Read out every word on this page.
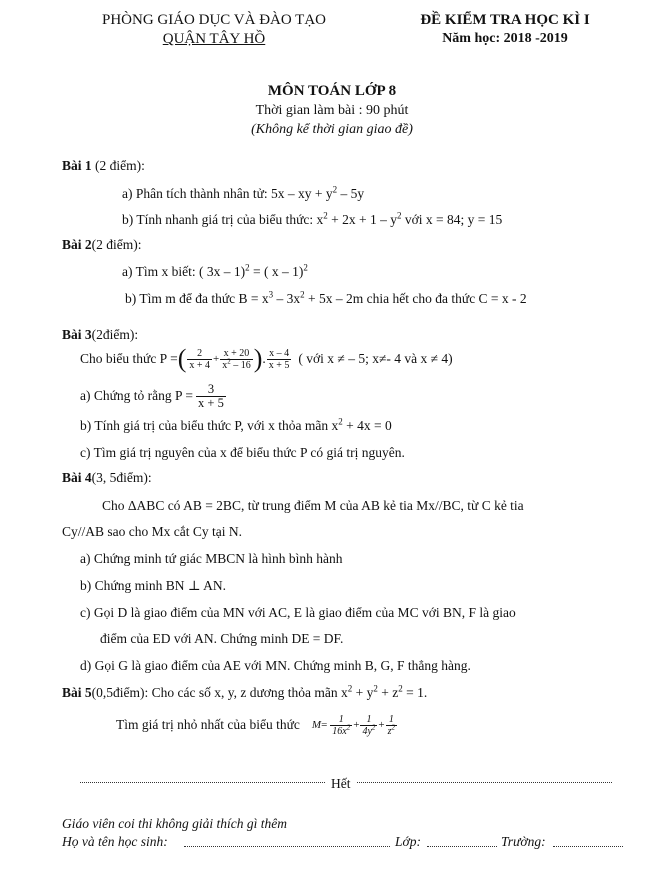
PHÒNG GIÁO DỤC VÀ ĐÀO TẠO
QUẬN TÂY HỒ
ĐỀ KIỂM TRA HỌC KÌ I
Năm học: 2018 -2019
MÔN TOÁN LỚP 8
Thời gian làm bài : 90 phút
(Không kể thời gian giao đề)
Bài 1 (2 điểm):
a) Phân tích thành nhân tử: 5x – xy + $y^2 - 5y$
b) Tính nhanh giá trị của biểu thức: $x^2 + 2x + 1 - y^2$ với x = 84; y = 15
Bài 2(2 điểm):
a) Tìm x biết: ( 3x – 1)$^2$ = ( x – 1)$^2$
b) Tìm m để đa thức $B = x^3 - 3x^2 + 5x - 2m$ chia hết cho đa thức C = x - 2
Bài 3(2điểm):
Cho biểu thức P = ( $\frac{2}{x + 4} + \frac{x + 20}{x^2 - 16}$ ) . $\frac{x - 4}{x + 5}$ ( với x ≠ – 5; x≠- 4 và x ≠ 4)
a) Chứng tỏ rằng $P = \frac{3}{x + 5}$
b) Tính giá trị của biểu thức P, với x thỏa mãn $x^2 + 4x = 0$
c) Tìm giá trị nguyên của x để biểu thức P có giá trị nguyên.
Bài 4(3, 5điểm):
Cho ΔABC có AB = 2BC, từ trung điểm M của AB kẻ tia Mx//BC, từ C kẻ tia
Cy//AB sao cho Mx cắt Cy tại N.
a) Chứng minh tứ giác MBCN là hình bình hành
b) Chứng minh BN ⊥ AN.
c) Gọi D là giao điểm của MN với AC, E là giao điểm của MC với BN, F là giao
điểm của ED với AN. Chứng minh DE = DF.
d) Gọi G là giao điểm của AE với MN. Chứng minh B, G, F thẳng hàng.
Bài 5(0,5điểm): Cho các số x, y, z dương thỏa mãn $x^2 + y^2 + z^2 = 1$.
Tìm giá trị nhỏ nhất của biểu thức $M = \frac{1}{16x^2} + \frac{1}{4y^2} + \frac{1}{z^2}$
Hết
Giáo viên coi thi không giải thích gì thêm
Họ và tên học sinh:	Lớp:	Trường:
